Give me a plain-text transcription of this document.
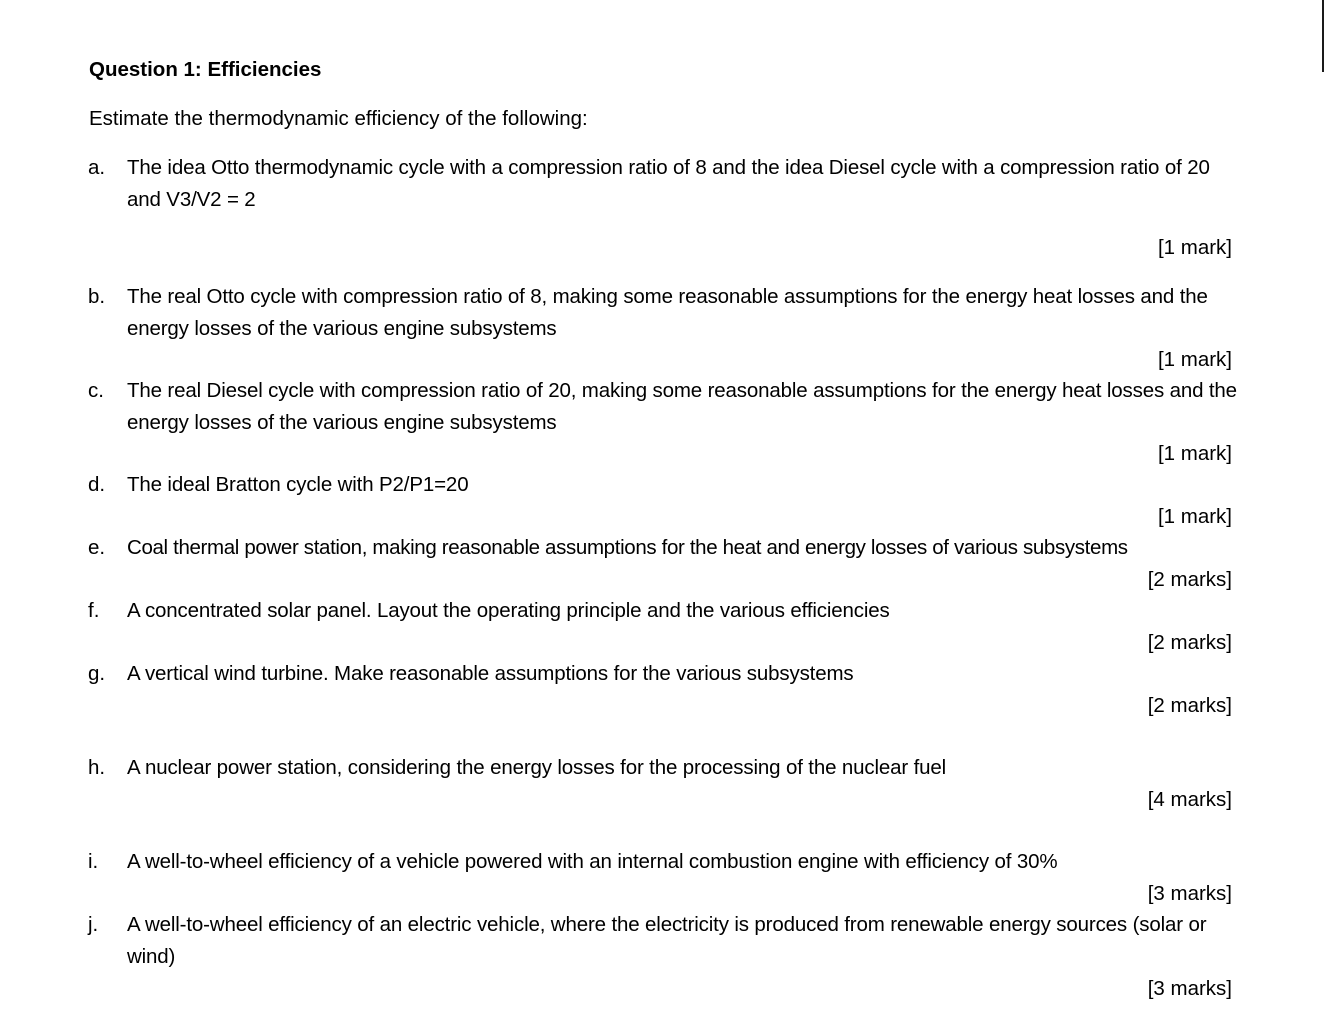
Question 1: Efficiencies
Estimate the thermodynamic efficiency of the following:
a. The idea Otto thermodynamic cycle with a compression ratio of 8 and the idea Diesel cycle with a compression ratio of 20 and V3/V2 = 2
[1 mark]
b. The real Otto cycle with compression ratio of 8, making some reasonable assumptions for the energy heat losses and the energy losses of the various engine subsystems
[1 mark]
c. The real Diesel cycle with compression ratio of 20, making some reasonable assumptions for the energy heat losses and the energy losses of the various engine subsystems
[1 mark]
d. The ideal Bratton cycle with P2/P1=20
[1 mark]
e. Coal thermal power station, making reasonable assumptions for the heat and energy losses of various subsystems
[2 marks]
f. A concentrated solar panel. Layout the operating principle and the various efficiencies
[2 marks]
g. A vertical wind turbine. Make reasonable assumptions for the various subsystems
[2 marks]
h. A nuclear power station, considering the energy losses for the processing of the nuclear fuel
[4 marks]
i. A well-to-wheel efficiency of a vehicle powered with an internal combustion engine with efficiency of 30%
[3 marks]
j. A well-to-wheel efficiency of an electric vehicle, where the electricity is produced from renewable energy sources (solar or wind)
[3 marks]
